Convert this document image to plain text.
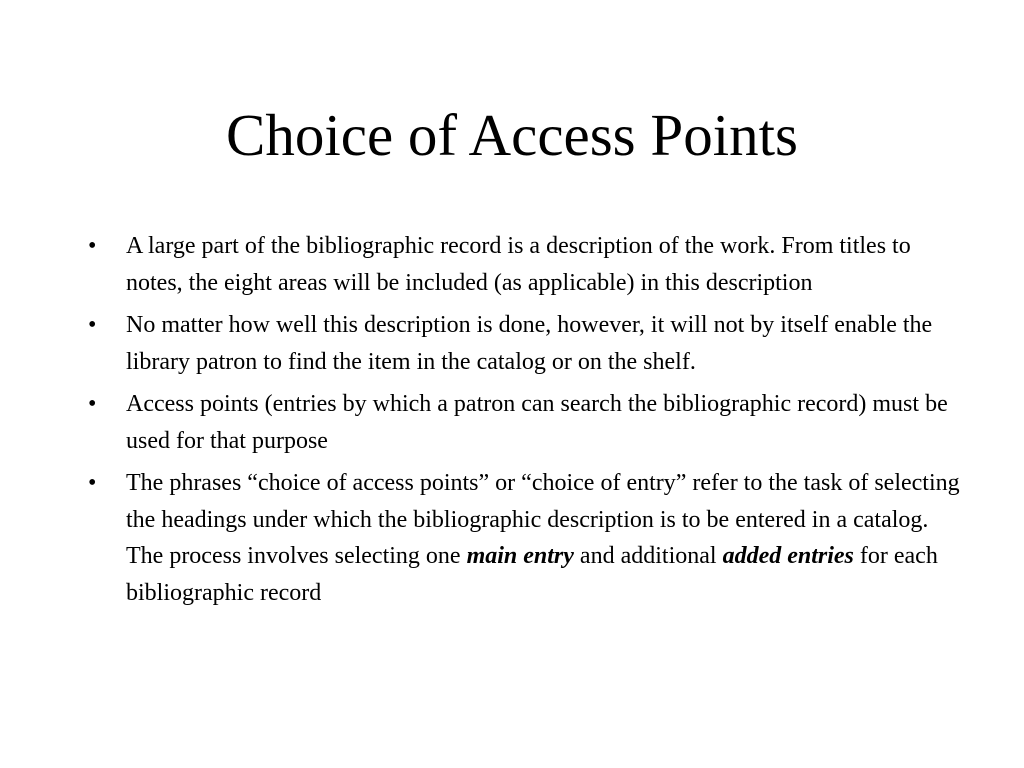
Choice of Access Points
•	A large part of the bibliographic record is a description of the work. From titles to notes, the eight areas will be included (as applicable) in this description
•	No matter how well this description is done, however, it will not by itself enable the library patron to find the item in the catalog or on the shelf.
•	Access points (entries by which a patron can search the bibliographic record) must be used for that purpose
•	The phrases “choice of access points” or “choice of entry” refer to the task of selecting the headings under which the bibliographic description is to be entered in a catalog. The process involves selecting one main entry and additional added entries for each bibliographic record
